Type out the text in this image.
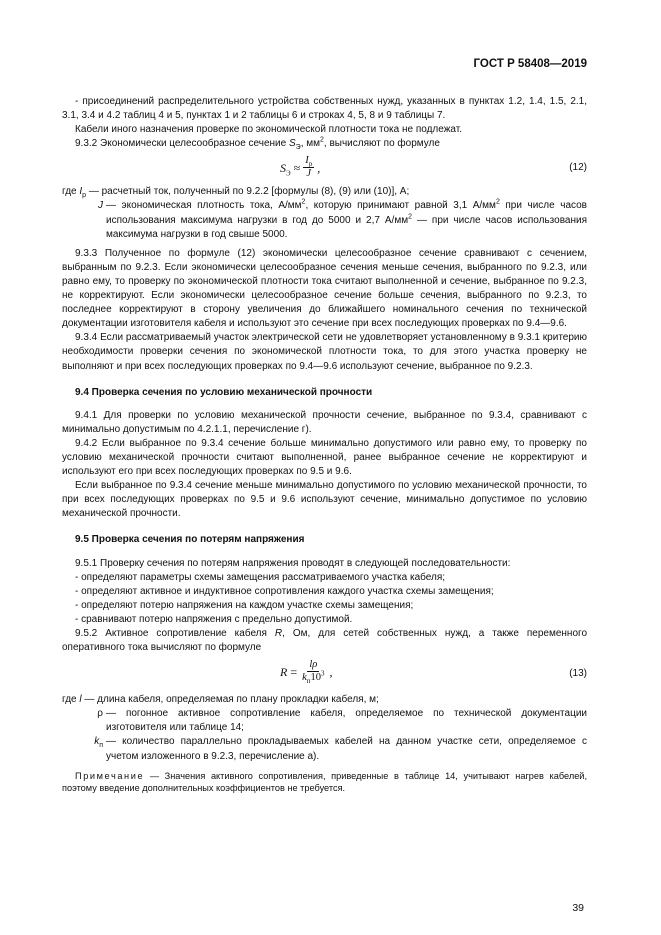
ГОСТ Р 58408—2019

- присоединений распределительного устройства собственных нужд, указанных в пунктах 1.2, 1.4, 1.5, 2.1, 3.1, 3.4 и 4.2 таблиц 4 и 5, пунктах 1 и 2 таблицы 6 и строках 4, 5, 8 и 9 таблицы 7.

Кабели иного назначения проверке по экономической плотности тока не подлежат.

9.3.2 Экономически целесообразное сечение $S_Э$, $мм^2$, вычисляют по формуле

$S_Э \approx \frac{I_р}{J}$ ,	(12)
где $I_р$ — расчетный ток, полученный по 9.2.2 [формулы (8), (9) или (10)], А;
J — экономическая плотность тока, $А/мм^2$, которую принимают равной 3,1 $А/мм^2$ при числе часов использования максимума нагрузки в год до 5000 и 2,7 $А/мм^2$ — при числе часов использования максимума нагрузки в год свыше 5000.

9.3.3 Полученное по формуле (12) экономически целесообразное сечение сравнивают с сечением, выбранным по 9.2.3. Если экономически целесообразное сечения меньше сечения, выбранного по 9.2.3, или равно ему, то проверку по экономической плотности тока считают выполненной и сечение, выбранное по 9.2.3, не корректируют. Если экономически целесообразное сечение больше сечения, выбранного по 9.2.3, то последнее корректируют в сторону увеличения до ближайшего номинального сечения по технической документации изготовителя кабеля и используют это сечение при всех последующих проверках по 9.4—9.6.

9.3.4 Если рассматриваемый участок электрической сети не удовлетворяет установленному в 9.3.1 критерию необходимости проверки сечения по экономической плотности тока, то для этого участка проверку не выполняют и при всех последующих проверках по 9.4—9.6 используют сечение, выбранное по 9.2.3.

9.4 Проверка сечения по условию механической прочности

9.4.1 Для проверки по условию механической прочности сечение, выбранное по 9.3.4, сравнивают с минимально допустимым по 4.2.1.1, перечисление г).

9.4.2 Если выбранное по 9.3.4 сечение больше минимально допустимого или равно ему, то проверку по условию механической прочности считают выполненной, ранее выбранное сечение не корректируют и используют его при всех последующих проверках по 9.5 и 9.6.

Если выбранное по 9.3.4 сечение меньше минимально допустимого по условию механической прочности, то при всех последующих проверках по 9.5 и 9.6 используют сечение, минимально допустимое по условию механической прочности.

9.5 Проверка сечения по потерям напряжения

9.5.1 Проверку сечения по потерям напряжения проводят в следующей последовательности:

- определяют параметры схемы замещения рассматриваемого участка кабеля;

- определяют активное и индуктивное сопротивления каждого участка схемы замещения;

- определяют потерю напряжения на каждом участке схемы замещения;

- сравнивают потерю напряжения с предельно допустимой.

9.5.2 Активное сопротивление кабеля R, Ом, для сетей собственных нужд, а также переменного оперативного тока вычисляют по формуле

$R = \frac{l\rho}{k_п10^3}$ ,	(13)
где l — длина кабеля, определяемая по плану прокладки кабеля, м;
ρ — погонное активное сопротивление кабеля, определяемое по технической документации изготовителя или таблице 14;
$k_п$ — количество параллельно прокладываемых кабелей на данном участке сети, определяемое с учетом изложенного в 9.2.3, перечисление а).

Примечание — Значения активного сопротивления, приведенные в таблице 14, учитывают нагрев кабелей, поэтому введение дополнительных коэффициентов не требуется.

39
